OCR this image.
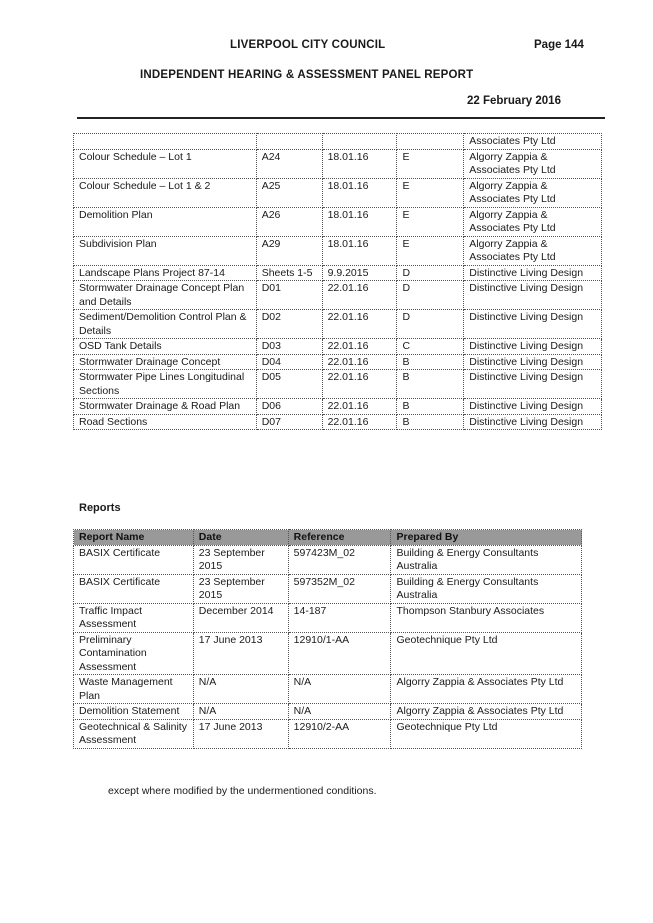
LIVERPOOL CITY COUNCIL	Page 144
INDEPENDENT HEARING & ASSESSMENT PANEL REPORT
22 February 2016
				Associates Pty Ltd
Colour Schedule – Lot 1	A24	18.01.16	E	Algorry Zappia & Associates Pty Ltd
Colour Schedule – Lot 1 & 2	A25	18.01.16	E	Algorry Zappia & Associates Pty Ltd
Demolition Plan	A26	18.01.16	E	Algorry Zappia & Associates Pty Ltd
Subdivision Plan	A29	18.01.16	E	Algorry Zappia & Associates Pty Ltd
Landscape Plans Project 87-14	Sheets 1-5	9.9.2015	D	Distinctive Living Design
Stormwater Drainage Concept Plan and Details	D01	22.01.16	D	Distinctive Living Design
Sediment/Demolition Control Plan & Details	D02	22.01.16	D	Distinctive Living Design
OSD Tank Details	D03	22.01.16	C	Distinctive Living Design
Stormwater Drainage Concept	D04	22.01.16	B	Distinctive Living Design
Stormwater Pipe Lines Longitudinal Sections	D05	22.01.16	B	Distinctive Living Design
Stormwater Drainage & Road Plan	D06	22.01.16	B	Distinctive Living Design
Road Sections	D07	22.01.16	B	Distinctive Living Design
Reports
Report Name	Date	Reference	Prepared By
BASIX Certificate	23 September 2015	597423M_02	Building & Energy Consultants Australia
BASIX Certificate	23 September 2015	597352M_02	Building & Energy Consultants Australia
Traffic Impact Assessment	December 2014	14-187	Thompson Stanbury Associates
Preliminary Contamination Assessment	17 June 2013	12910/1-AA	Geotechnique Pty Ltd
Waste Management Plan	N/A	N/A	Algorry Zappia & Associates Pty Ltd
Demolition Statement	N/A	N/A	Algorry Zappia & Associates Pty Ltd
Geotechnical & Salinity Assessment	17 June 2013	12910/2-AA	Geotechnique Pty Ltd
except where modified by the undermentioned conditions.
